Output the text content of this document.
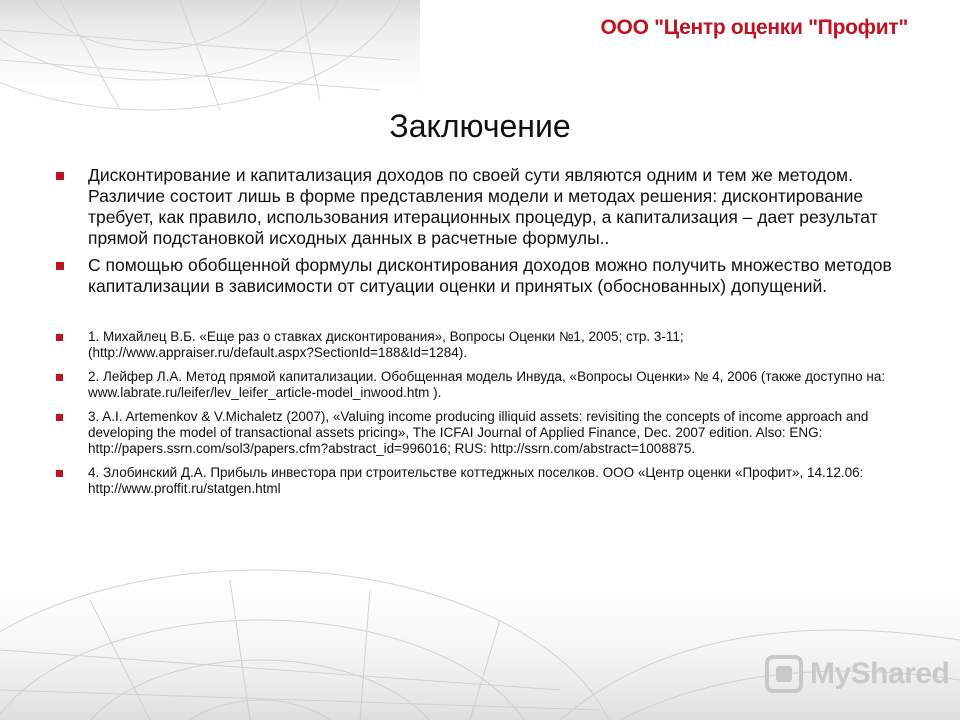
ООО "Центр оценки "Профит"
Заключение
Дисконтирование и капитализация доходов по своей сути являются одним и тем же методом. Различие состоит лишь в форме представления модели и методах решения: дисконтирование требует, как правило, использования итерационных процедур, а капитализация – дает результат прямой подстановкой исходных данных в расчетные формулы..
С помощью обобщенной формулы дисконтирования доходов можно получить множество методов капитализации в зависимости от ситуации оценки и принятых (обоснованных) допущений.
1. Михайлец В.Б. «Еще раз о ставках дисконтирования», Вопросы Оценки №1, 2005; стр. 3-11; (http://www.appraiser.ru/default.aspx?SectionId=188&Id=1284).
2. Лейфер Л.А. Метод прямой капитализации. Обобщенная модель Инвуда, «Вопросы Оценки» № 4, 2006 (также доступно на: www.labrate.ru/leifer/lev_leifer_article-model_inwood.htm ).
3. A.I. Artemenkov & V.Michaletz (2007), «Valuing income producing illiquid assets: revisiting the concepts of income approach and developing the model of transactional assets pricing», The ICFAI Journal of Applied Finance, Dec. 2007 edition. Also: ENG: http://papers.ssrn.com/sol3/papers.cfm?abstract_id=996016; RUS: http://ssrn.com/abstract=1008875.
4. Злобинский Д.А. Прибыль инвестора при строительстве коттеджных поселков. ООО «Центр оценки «Профит», 14.12.06: http://www.proffit.ru/statgen.html
MyShared
